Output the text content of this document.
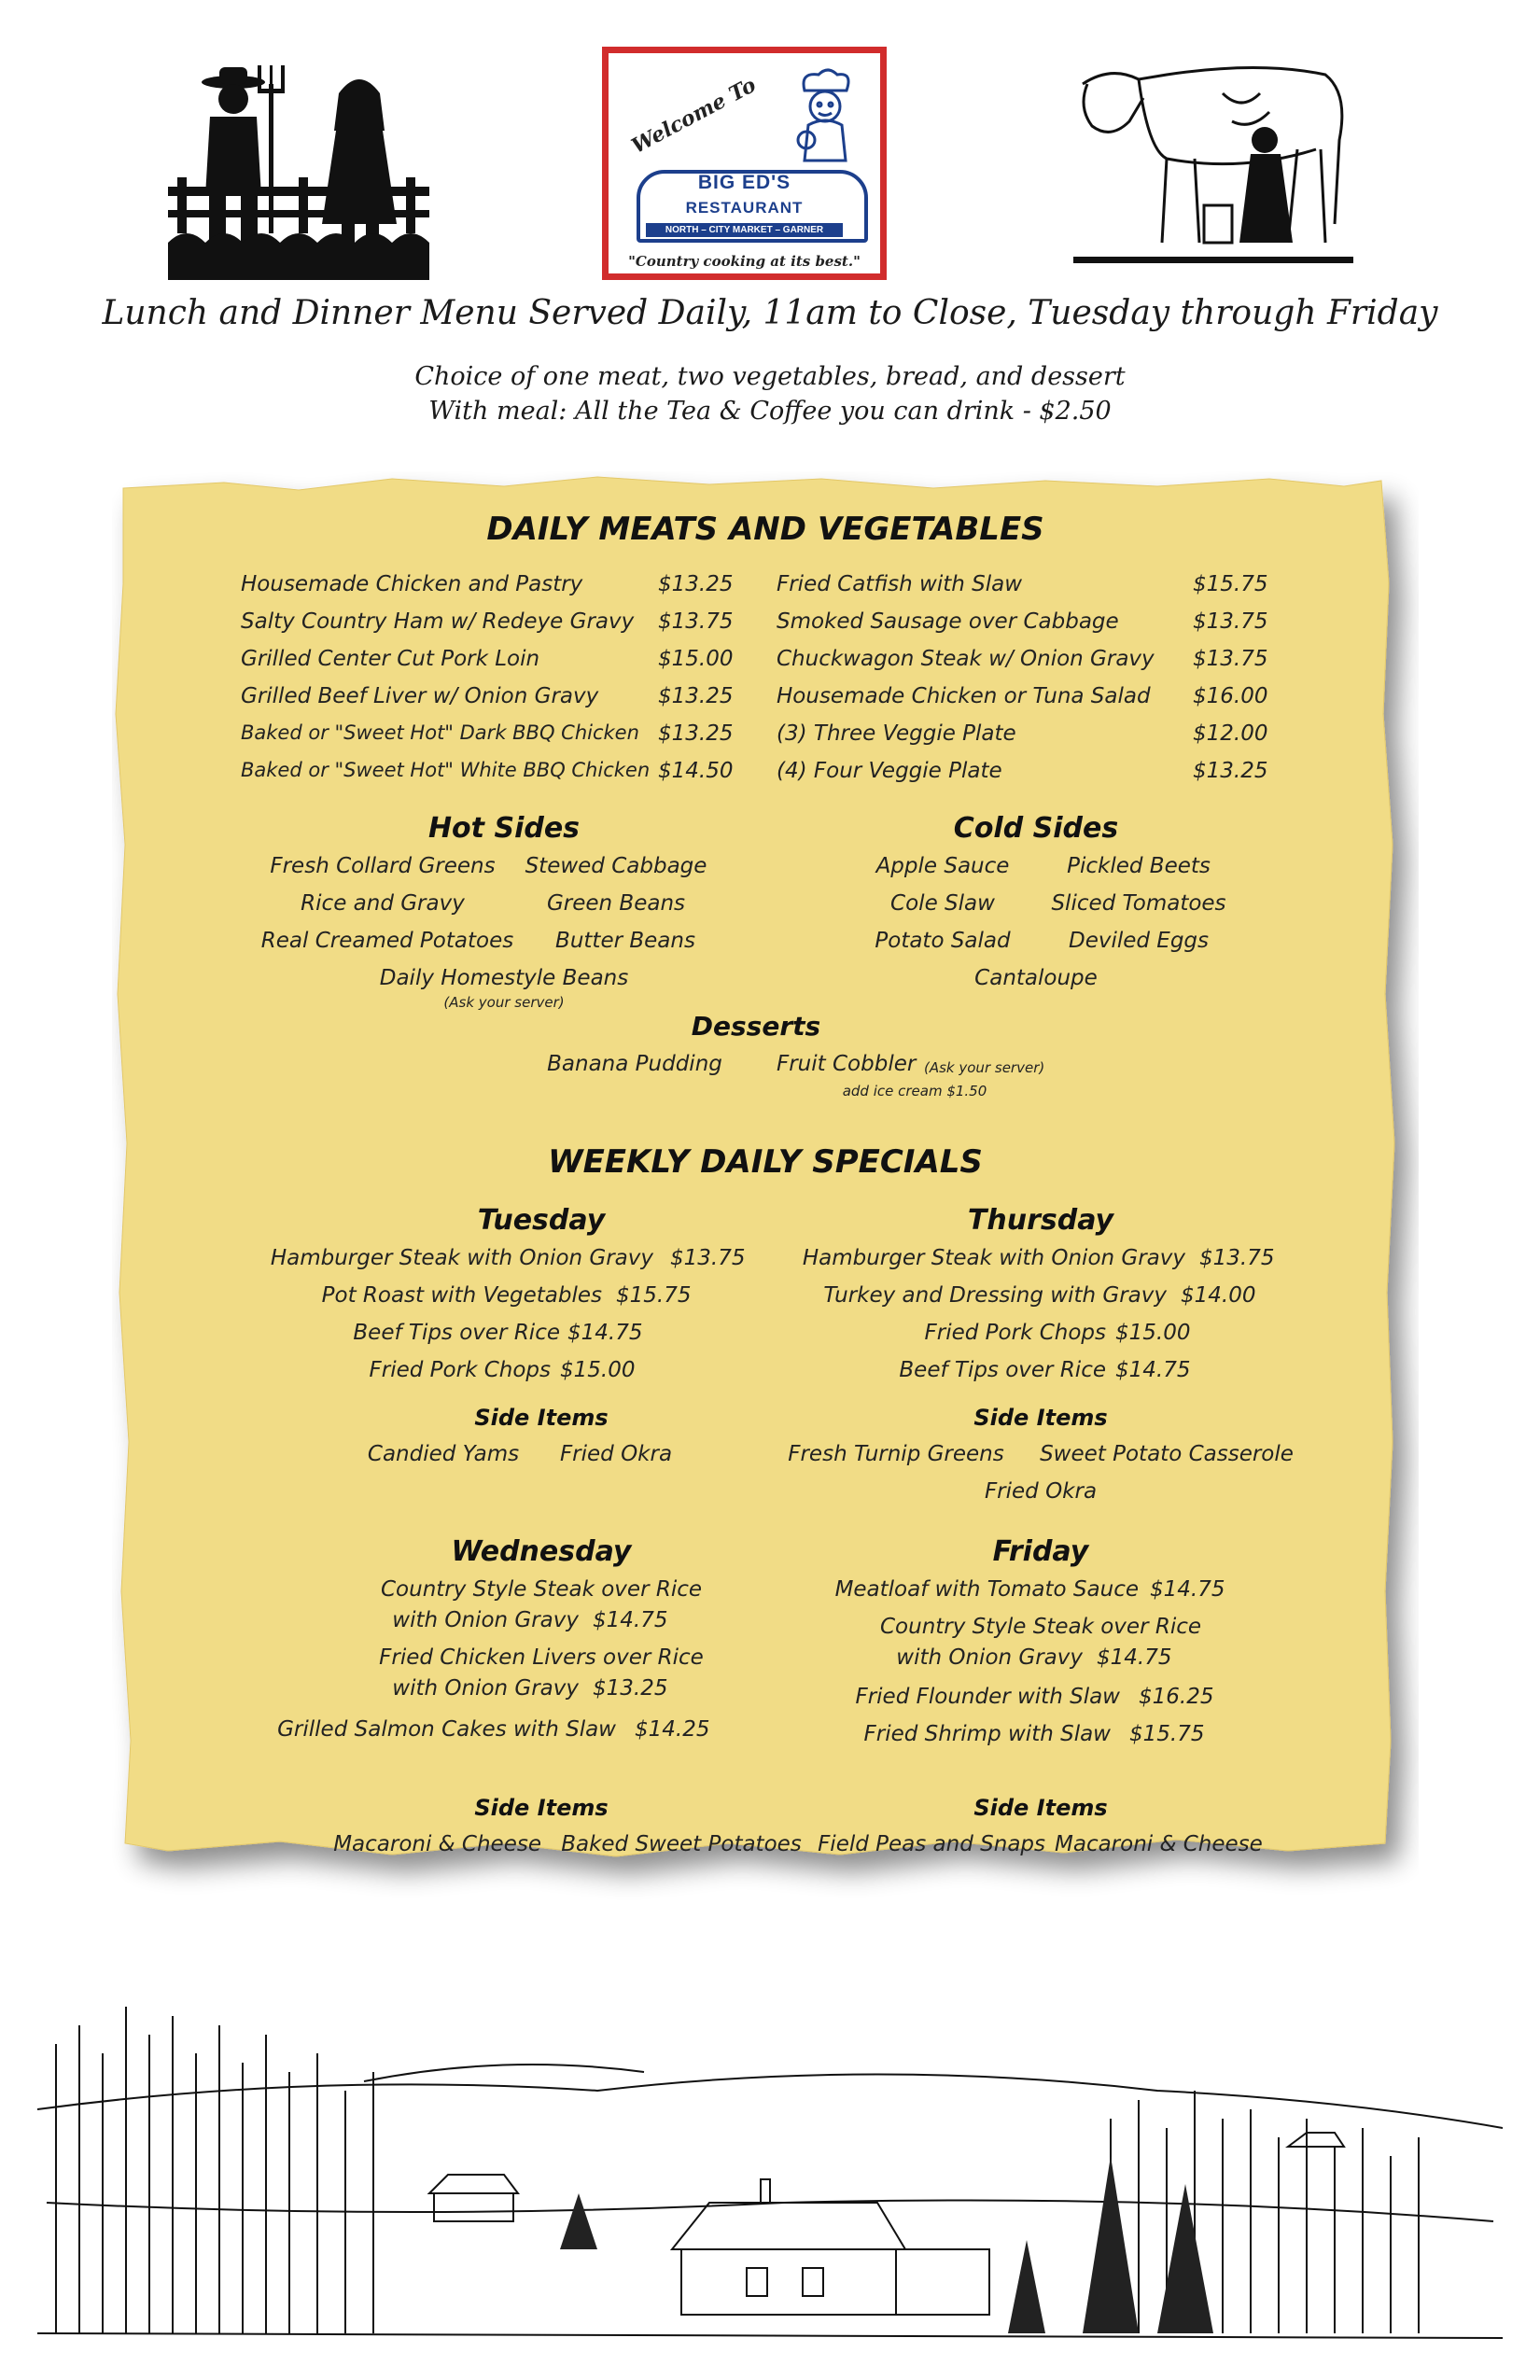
Welcome To
BIG ED'S
RESTAURANT
NORTH – CITY MARKET – GARNER
"Country cooking at its best."
Lunch and Dinner Menu Served Daily, 11am to Close, Tuesday through Friday
Choice of one meat, two vegetables, bread, and dessert
With meal: All the Tea & Coffee you can drink - $2.50
DAILY MEATS AND VEGETABLES
Housemade Chicken and Pastry	$13.25
Salty Country Ham w/ Redeye Gravy $13.75
Grilled Center Cut Pork Loin	$15.00
Grilled Beef Liver w/ Onion Gravy	$13.25
Baked or "Sweet Hot" Dark BBQ Chicken $13.25
Baked or "Sweet Hot" White BBQ Chicken $14.50
Fried Catfish with Slaw	$15.75
Smoked Sausage over Cabbage	$13.75
Chuckwagon Steak w/ Onion Gravy $13.75
Housemade Chicken or Tuna Salad $16.00
(3) Three Veggie Plate	$12.00
(4) Four Veggie Plate	$13.25
Hot Sides
Fresh Collard Greens	Stewed Cabbage
Rice and Gravy	Green Beans
Real Creamed Potatoes	Butter Beans
Daily Homestyle Beans
(Ask your server)
Cold Sides
Apple Sauce	Pickled Beets
Cole Slaw	Sliced Tomatoes
Potato Salad	Deviled Eggs
Cantaloupe
Desserts
Banana Pudding	Fruit Cobbler (Ask your server)
add ice cream $1.50
WEEKLY DAILY SPECIALS
Tuesday
Hamburger Steak with Onion Gravy $13.75
Pot Roast with Vegetables $15.75
Beef Tips over Rice $14.75
Fried Pork Chops $15.00
Side Items
Candied Yams	Fried Okra
Thursday
Hamburger Steak with Onion Gravy $13.75
Turkey and Dressing with Gravy $14.00
Fried Pork Chops $15.00
Beef Tips over Rice $14.75
Side Items
Fresh Turnip Greens	Sweet Potato Casserole
Fried Okra
Wednesday
Country Style Steak over Rice
with Onion Gravy $14.75
Fried Chicken Livers over Rice
with Onion Gravy $13.25
Grilled Salmon Cakes with Slaw $14.25
Friday
Meatloaf with Tomato Sauce $14.75
Country Style Steak over Rice
with Onion Gravy $14.75
Fried Flounder with Slaw $16.25
Fried Shrimp with Slaw $15.75
Side Items
Macaroni & Cheese Baked Sweet Potatoes
Side Items
Field Peas and Snaps Macaroni & Cheese
